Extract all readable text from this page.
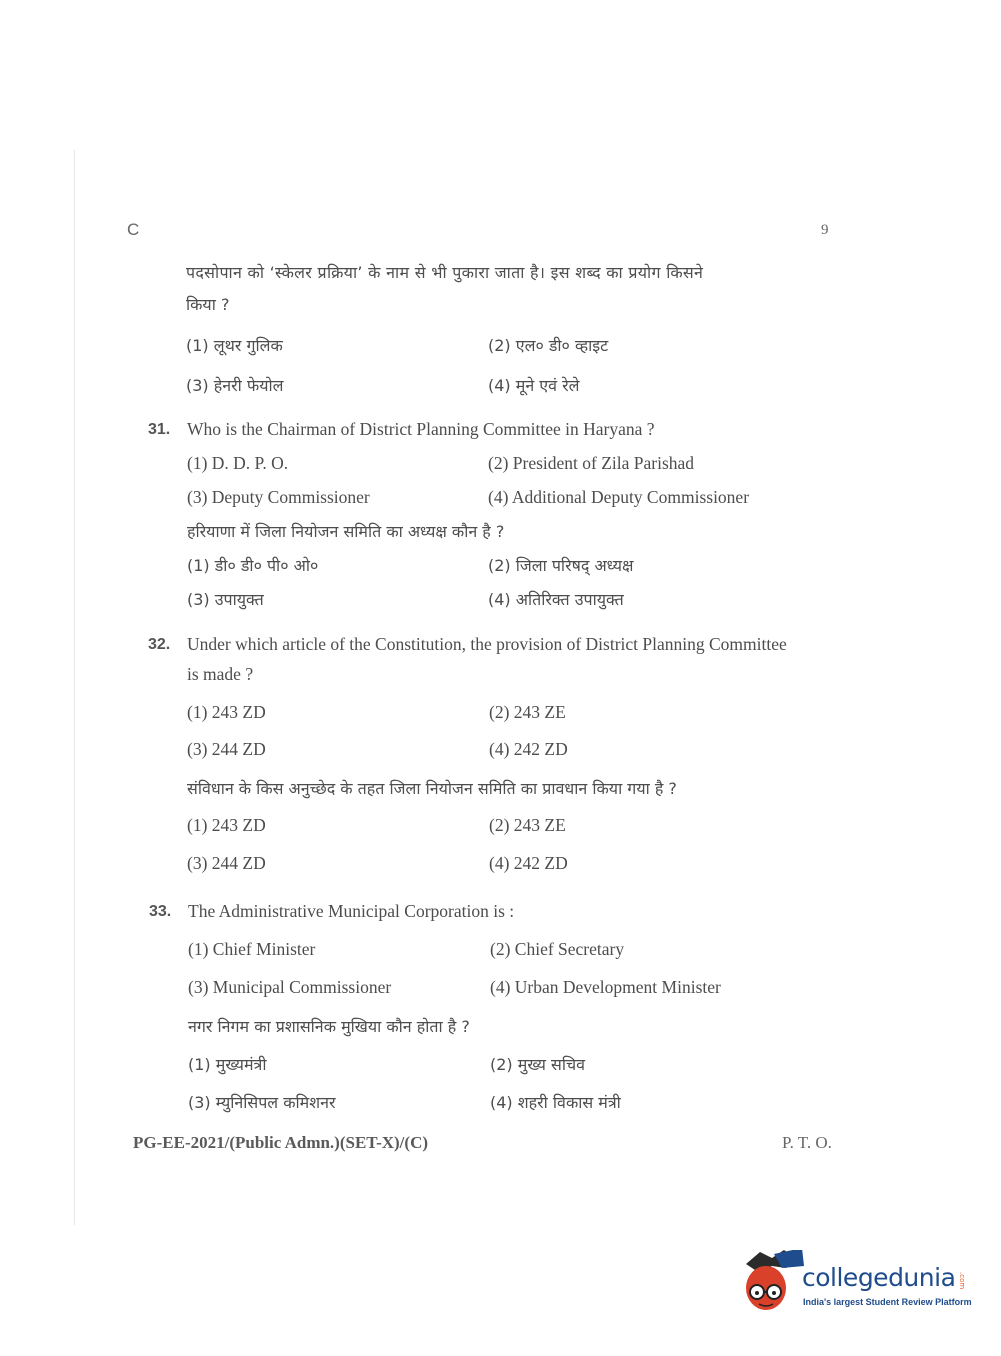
C	9
पदसोपान को ‘स्केलर प्रक्रिया’ के नाम से भी पुकारा जाता है। इस शब्द का प्रयोग किसने
किया ?
(1) लूथर गुलिक	(2) एल० डी० व्हाइट
(3) हेनरी फेयोल	(4) मूने एवं रेले
31. Who is the Chairman of District Planning Committee in Haryana ?
(1) D. D. P. O.	(2) President of Zila Parishad
(3) Deputy Commissioner	(4) Additional Deputy Commissioner
हरियाणा में जिला नियोजन समिति का अध्यक्ष कौन है ?
(1) डी० डी० पी० ओ०	(2) जिला परिषद् अध्यक्ष
(3) उपायुक्त	(4) अतिरिक्त उपायुक्त
32. Under which article of the Constitution, the provision of District Planning Committee
is made ?
(1) 243 ZD	(2) 243 ZE
(3) 244 ZD	(4) 242 ZD
संविधान के किस अनुच्छेद के तहत जिला नियोजन समिति का प्रावधान किया गया है ?
(1) 243 ZD	(2) 243 ZE
(3) 244 ZD	(4) 242 ZD
33. The Administrative Municipal Corporation is :
(1) Chief Minister	(2) Chief Secretary
(3) Municipal Commissioner	(4) Urban Development Minister
नगर निगम का प्रशासनिक मुखिया कौन होता है ?
(1) मुख्यमंत्री	(2) मुख्य सचिव
(3) म्युनिसिपल कमिशनर	(4) शहरी विकास मंत्री
PG-EE-2021/(Public Admn.)(SET-X)/(C)	P. T. O.
collegedunia .com
India's largest Student Review Platform
